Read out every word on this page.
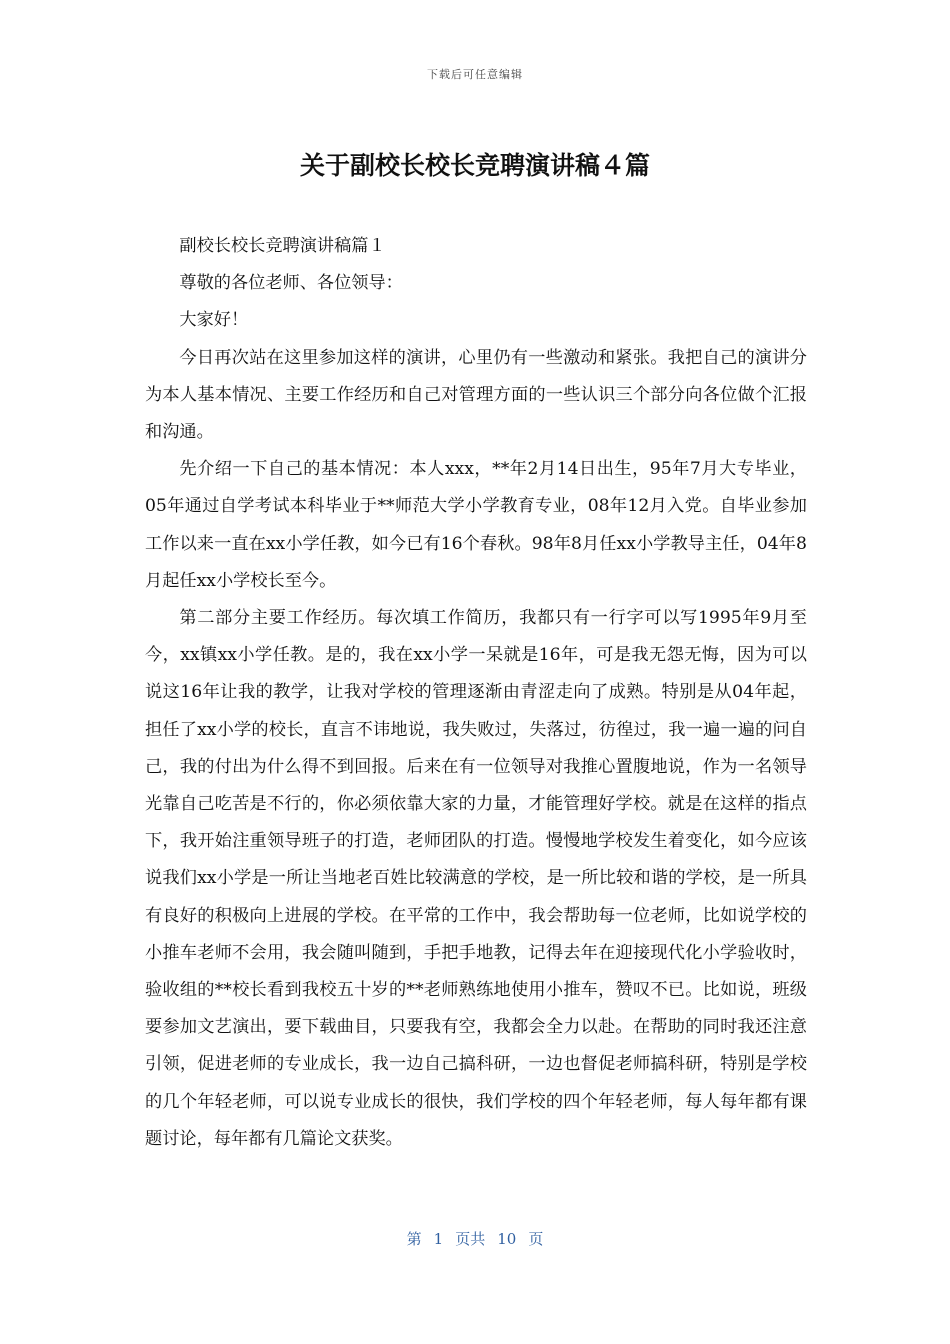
下载后可任意编辑
关于副校长校长竞聘演讲稿４篇

副校长校长竞聘演讲稿篇１

尊敬的各位老师、各位领导：

大家好！

今日再次站在这里参加这样的演讲，心里仍有一些激动和紧张。我把自己的演讲分为本人基本情况、主要工作经历和自己对管理方面的一些认识三个部分向各位做个汇报和沟通。

先介绍一下自己的基本情况：本人xxx，**年2月14日出生，95年7月大专毕业，05年通过自学考试本科毕业于**师范大学小学教育专业，08年12月入党。自毕业参加工作以来一直在xx小学任教，如今已有16个春秋。98年8月任xx小学教导主任，04年8月起任xx小学校长至今。

第二部分主要工作经历。每次填工作简历，我都只有一行字可以写1995年9月至今，xx镇xx小学任教。是的，我在xx小学一呆就是16年，可是我无怨无悔，因为可以说这16年让我的教学，让我对学校的管理逐渐由青涩走向了成熟。特别是从04年起，担任了xx小学的校长，直言不讳地说，我失败过，失落过，彷徨过，我一遍一遍的问自己，我的付出为什么得不到回报。后来在有一位领导对我推心置腹地说，作为一名领导光靠自己吃苦是不行的，你必须依靠大家的力量，才能管理好学校。就是在这样的指点下，我开始注重领导班子的打造，老师团队的打造。慢慢地学校发生着变化，如今应该说我们xx小学是一所让当地老百姓比较满意的学校，是一所比较和谐的学校，是一所具有良好的积极向上进展的学校。在平常的工作中，我会帮助每一位老师，比如说学校的小推车老师不会用，我会随叫随到，手把手地教，记得去年在迎接现代化小学验收时，验收组的**校长看到我校五十岁的**老师熟练地使用小推车，赞叹不已。比如说，班级要参加文艺演出，要下载曲目，只要我有空，我都会全力以赴。在帮助的同时我还注意引领，促进老师的专业成长，我一边自己搞科研，一边也督促老师搞科研，特别是学校的几个年轻老师，可以说专业成长的很快，我们学校的四个年轻老师，每人每年都有课题讨论，每年都有几篇论文获奖。

第 1 页共 10 页
